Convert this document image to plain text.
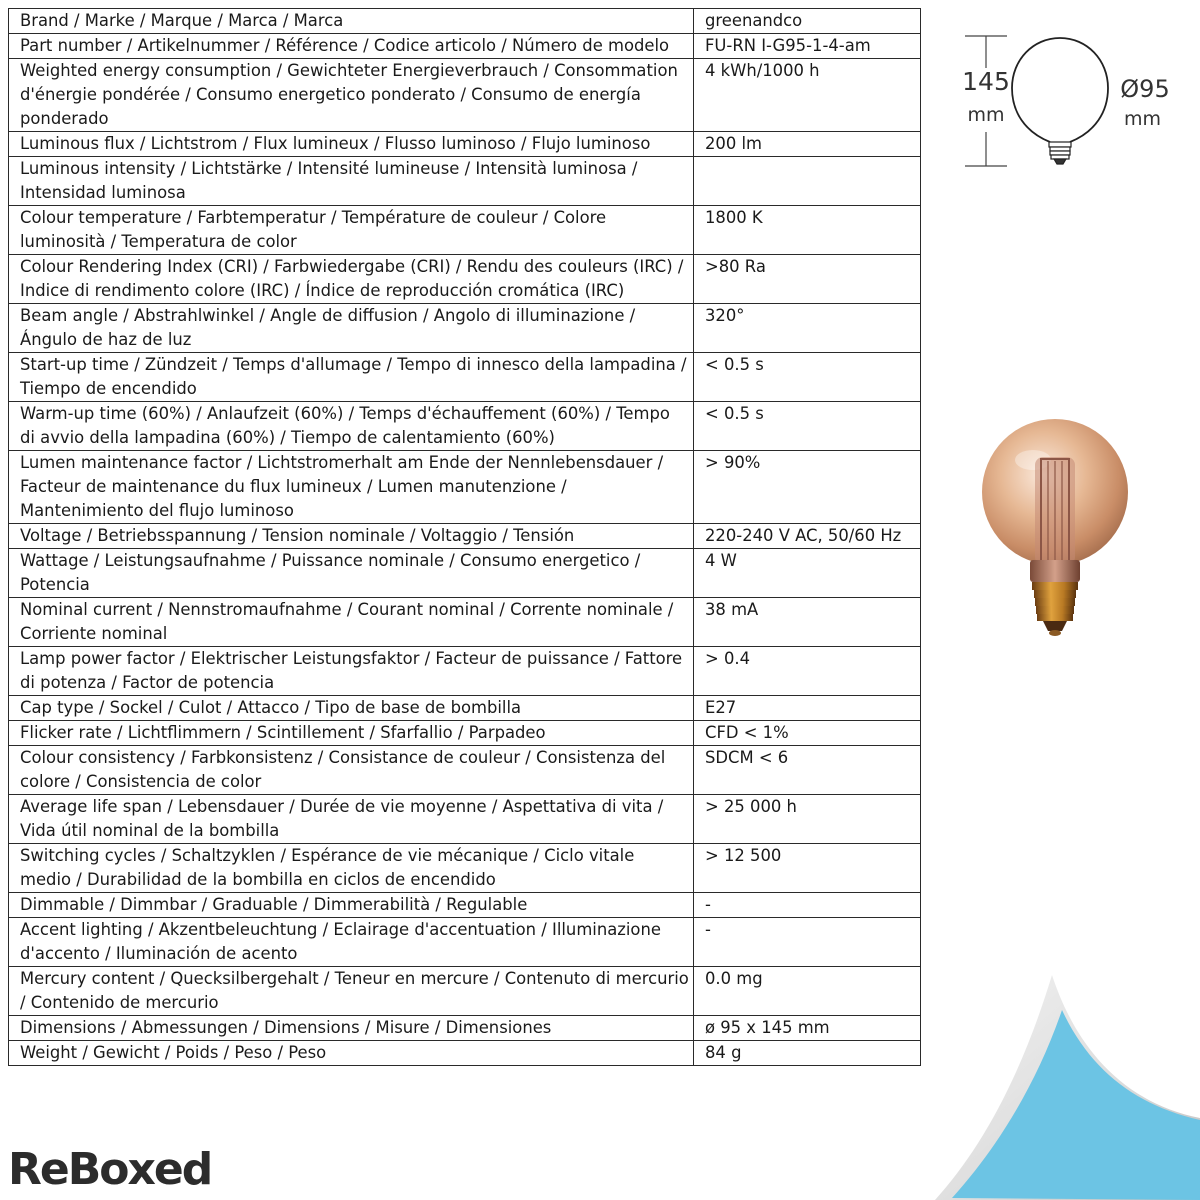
Brand / Marke / Marque / Marca / Marca	greenandco
Part number / Artikelnummer / Référence / Codice articolo / Número de modelo	FU-RN I-G95-1-4-am
Weighted energy consumption / Gewichteter Energieverbrauch / Consommation d'énergie pondérée / Consumo energetico ponderato / Consumo de energía ponderado	4 kWh/1000 h
Luminous flux / Lichtstrom / Flux lumineux / Flusso luminoso / Flujo luminoso	200 lm
Luminous intensity / Lichtstärke / Intensité lumineuse / Intensità luminosa / Intensidad luminosa	
Colour temperature / Farbtemperatur / Température de couleur / Colore luminosità / Temperatura de color	1800 K
Colour Rendering Index (CRI) / Farbwiedergabe (CRI) / Rendu des couleurs (IRC) / Indice di rendimento colore (IRC) / Índice de reproducción cromática (IRC)	>80 Ra
Beam angle / Abstrahlwinkel / Angle de diffusion / Angolo di illuminazione / Ángulo de haz de luz	320°
Start-up time / Zündzeit / Temps d'allumage / Tempo di innesco della lampadina / Tiempo de encendido	< 0.5 s
Warm-up time (60%) / Anlaufzeit (60%) / Temps d'échauffement (60%) / Tempo di avvio della lampadina (60%) / Tiempo de calentamiento (60%)	< 0.5 s
Lumen maintenance factor / Lichtstromerhalt am Ende der Nennlebensdauer / Facteur de maintenance du flux lumineux / Lumen manutenzione / Mantenimiento del flujo luminoso	> 90%
Voltage / Betriebsspannung / Tension nominale / Voltaggio / Tensión	220-240 V AC, 50/60 Hz
Wattage / Leistungsaufnahme / Puissance nominale / Consumo energetico / Potencia	4 W
Nominal current / Nennstromaufnahme / Courant nominal / Corrente nominale / Corriente nominal	38 mA
Lamp power factor / Elektrischer Leistungsfaktor / Facteur de puissance / Fattore di potenza / Factor de potencia	> 0.4
Cap type / Sockel / Culot / Attacco / Tipo de base de bombilla	E27
Flicker rate / Lichtflimmern / Scintillement / Sfarfallio / Parpadeo	CFD < 1%
Colour consistency / Farbkonsistenz / Consistance de couleur / Consistenza del colore / Consistencia de color	SDCM < 6
Average life span / Lebensdauer / Durée de vie moyenne / Aspettativa di vita / Vida útil nominal de la bombilla	> 25 000 h
Switching cycles / Schaltzyklen / Espérance de vie mécanique / Ciclo vitale medio / Durabilidad de la bombilla en ciclos de encendido	> 12 500
Dimmable / Dimmbar / Graduable / Dimmerabilità / Regulable	-
Accent lighting / Akzentbeleuchtung / Eclairage d'accentuation / Illuminazione d'accento / Iluminación de acento	-
Mercury content / Quecksilbergehalt / Teneur en mercure / Contenuto di mercurio / Contenido de mercurio	0.0 mg
Dimensions / Abmessungen / Dimensions / Misure / Dimensiones	ø 95 x 145 mm
Weight / Gewicht / Poids / Peso / Peso	84 g
145
mm
Ø95
mm
ReBoxed
